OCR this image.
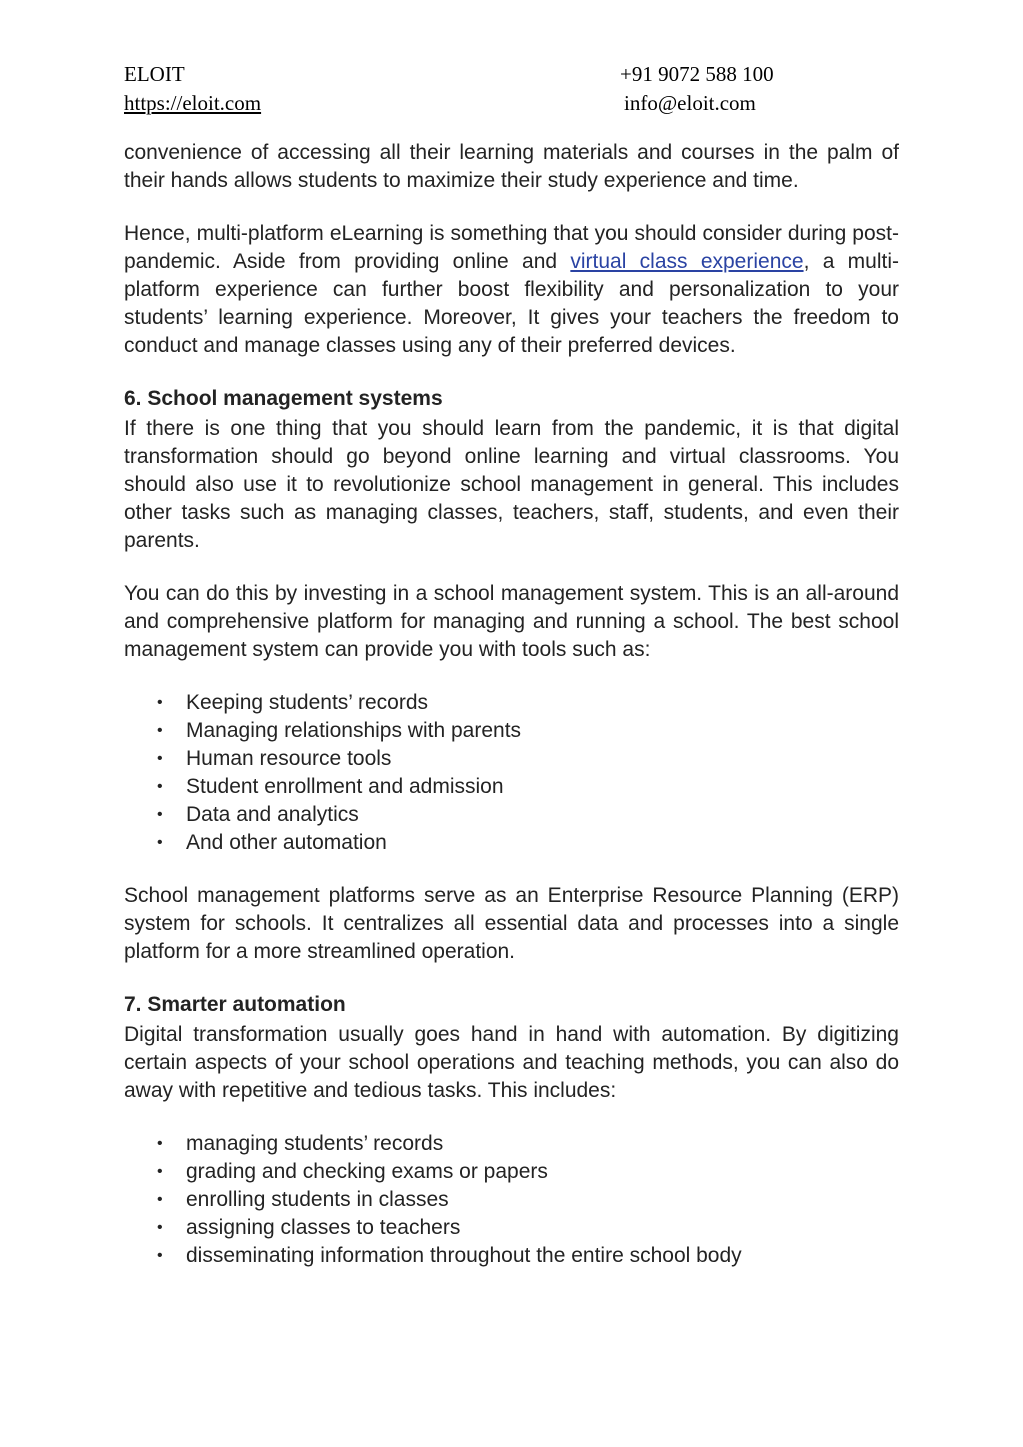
ELOIT	+91 9072 588 100
https://eloit.com	info@eloit.com

convenience of accessing all their learning materials and courses in the palm of their hands allows students to maximize their study experience and time.

Hence, multi-platform eLearning is something that you should consider during post-pandemic. Aside from providing online and virtual class experience, a multi-platform experience can further boost flexibility and personalization to your students’ learning experience. Moreover, It gives your teachers the freedom to conduct and manage classes using any of their preferred devices.

6. School management systems

If there is one thing that you should learn from the pandemic, it is that digital transformation should go beyond online learning and virtual classrooms. You should also use it to revolutionize school management in general. This includes other tasks such as managing classes, teachers, staff, students, and even their parents.

You can do this by investing in a school management system. This is an all-around and comprehensive platform for managing and running a school. The best school management system can provide you with tools such as:

• Keeping students’ records
• Managing relationships with parents
• Human resource tools
• Student enrollment and admission
• Data and analytics
• And other automation

School management platforms serve as an Enterprise Resource Planning (ERP) system for schools. It centralizes all essential data and processes into a single platform for a more streamlined operation.

7. Smarter automation

Digital transformation usually goes hand in hand with automation. By digitizing certain aspects of your school operations and teaching methods, you can also do away with repetitive and tedious tasks. This includes:

• managing students’ records
• grading and checking exams or papers
• enrolling students in classes
• assigning classes to teachers
• disseminating information throughout the entire school body
